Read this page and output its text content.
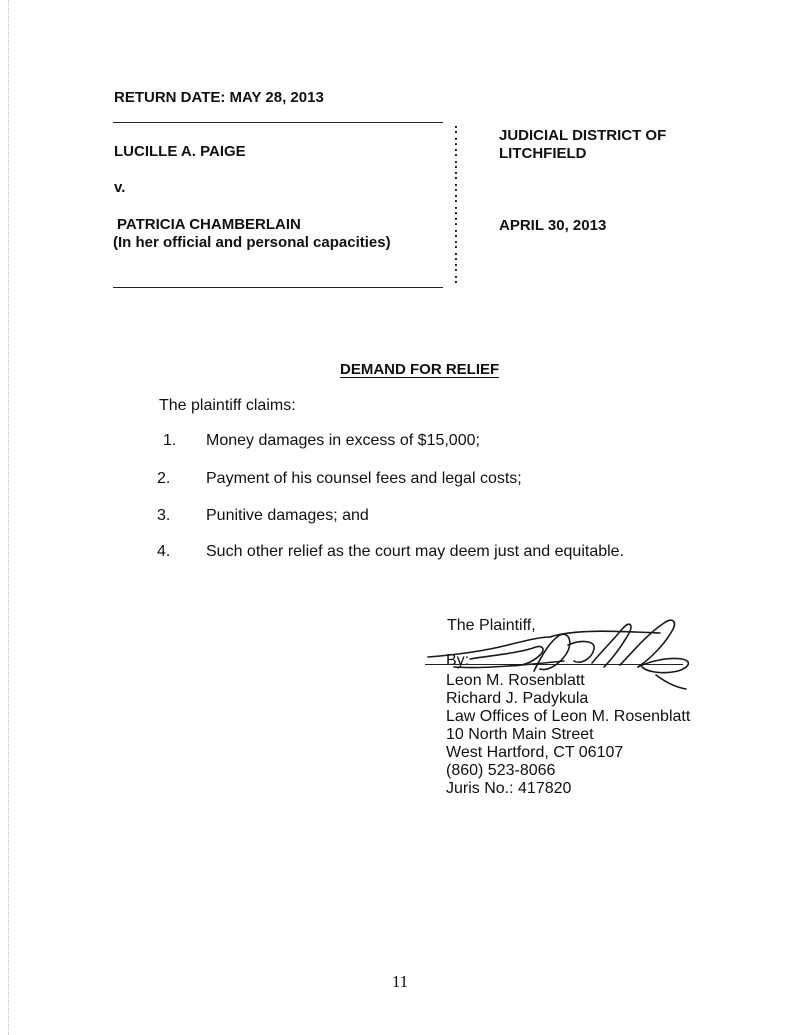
RETURN DATE: MAY 28, 2013
LUCILLE A. PAIGE
v.
PATRICIA CHAMBERLAIN
(In her official and personal capacities)
:
:
:
:
:
:
:
:
:
:
:
:
:
:
JUDICIAL DISTRICT OF
LITCHFIELD
APRIL 30, 2013
DEMAND FOR RELIEF
The plaintiff claims:
1.	Money damages in excess of $15,000;
2.	Payment of his counsel fees and legal costs;
3.	Punitive damages; and
4.	Such other relief as the court may deem just and equitable.
The Plaintiff,
By:
Leon M. Rosenblatt
Richard J. Padykula
Law Offices of Leon M. Rosenblatt
10 North Main Street
West Hartford, CT 06107
(860) 523-8066
Juris No.: 417820
11
